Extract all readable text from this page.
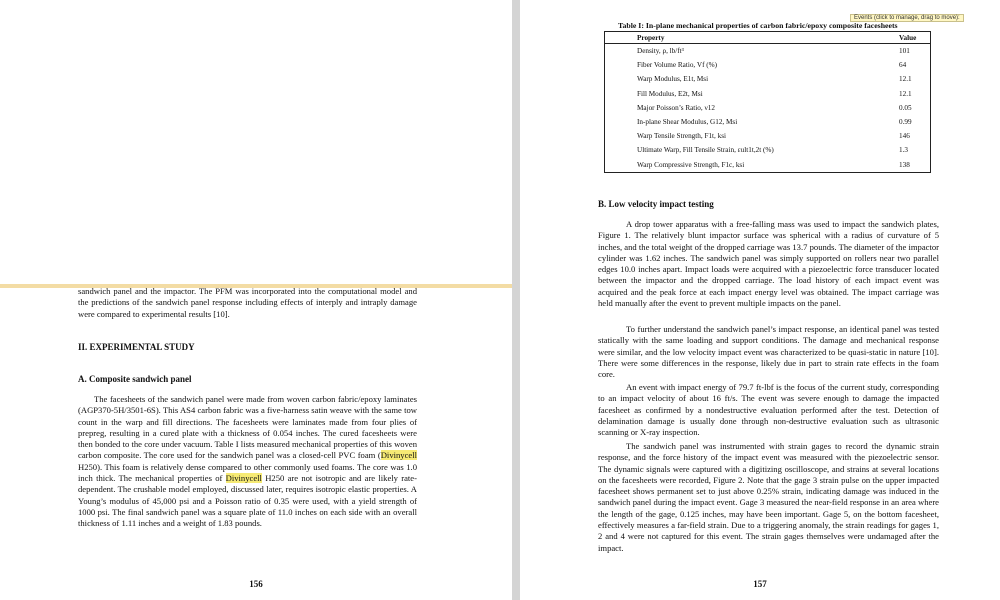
sandwich panel and the impactor. The PFM was incorporated into the computational model and the predictions of the sandwich panel response including effects of interply and intraply damage were compared to experimental results [10].

II. EXPERIMENTAL STUDY

A. Composite sandwich panel

The facesheets of the sandwich panel were made from woven carbon fabric/epoxy laminates (AGP370-5H/3501-6S). This AS4 carbon fabric was a five-harness satin weave with the same tow count in the warp and fill directions. The facesheets were laminates made from four plies of prepreg, resulting in a cured plate with a thickness of 0.054 inches. The cured facesheets were then bonded to the core under vacuum. Table I lists measured mechanical properties of this woven carbon composite. The core used for the sandwich panel was a closed-cell PVC foam (Divinycell H250). This foam is relatively dense compared to other commonly used foams. The core was 1.0 inch thick. The mechanical properties of Divinycell H250 are not isotropic and are likely rate-dependent. The crushable model employed, discussed later, requires isotropic elastic properties. A Young’s modulus of 45,000 psi and a Poisson ratio of 0.35 were used, with a yield strength of 1000 psi. The final sandwich panel was a square plate of 11.0 inches on each side with an overall thickness of 1.11 inches and a weight of 1.83 pounds.

156
Events (click to manage, drag to move):
Table I: In-plane mechanical properties of carbon fabric/epoxy composite facesheets
Property	Value
Density, ρ, lb/ft³	101
Fiber Volume Ratio, Vf (%)	64
Warp Modulus, E1t, Msi	12.1
Fill Modulus, E2t, Msi	12.1
Major Poisson’s Ratio, ν12	0.05
In-plane Shear Modulus, G12, Msi	0.99
Warp Tensile Strength, F1t, ksi	146
Ultimate Warp, Fill Tensile Strain, εult1t,2t (%)	1.3
Warp Compressive Strength, F1c, ksi	138

B. Low velocity impact testing

A drop tower apparatus with a free-falling mass was used to impact the sandwich plates, Figure 1. The relatively blunt impactor surface was spherical with a radius of curvature of 5 inches, and the total weight of the dropped carriage was 13.7 pounds. The diameter of the impactor cylinder was 1.62 inches. The sandwich panel was simply supported on rollers near two parallel edges 10.0 inches apart. Impact loads were acquired with a piezoelectric force transducer located between the impactor and the dropped carriage. The load history of each impact event was acquired and the peak force at each impact energy level was obtained. The impact carriage was held manually after the event to prevent multiple impacts on the panel.

To further understand the sandwich panel’s impact response, an identical panel was tested statically with the same loading and support conditions. The damage and mechanical response were similar, and the low velocity impact event was characterized to be quasi-static in nature [10]. There were some differences in the response, likely due in part to strain rate effects in the foam core.

An event with impact energy of 79.7 ft-lbf is the focus of the current study, corresponding to an impact velocity of about 16 ft/s. The event was severe enough to damage the impacted facesheet as confirmed by a nondestructive evaluation performed after the test. Detection of delamination damage is usually done through non-destructive evaluation such as ultrasonic scanning or X-ray inspection.

The sandwich panel was instrumented with strain gages to record the dynamic strain response, and the force history of the impact event was measured with the piezoelectric sensor. The dynamic signals were captured with a digitizing oscilloscope, and strains at several locations on the facesheets were recorded, Figure 2. Note that the gage 3 strain pulse on the upper impacted facesheet shows permanent set to just above 0.25% strain, indicating damage was induced in the sandwich panel during the impact event. Gage 3 measured the near-field response in an area where the length of the gage, 0.125 inches, may have been important. Gage 5, on the bottom facesheet, effectively measures a far-field strain. Due to a triggering anomaly, the strain readings for gages 1, 2 and 4 were not captured for this event. The strain gages themselves were undamaged after the impact.

157
